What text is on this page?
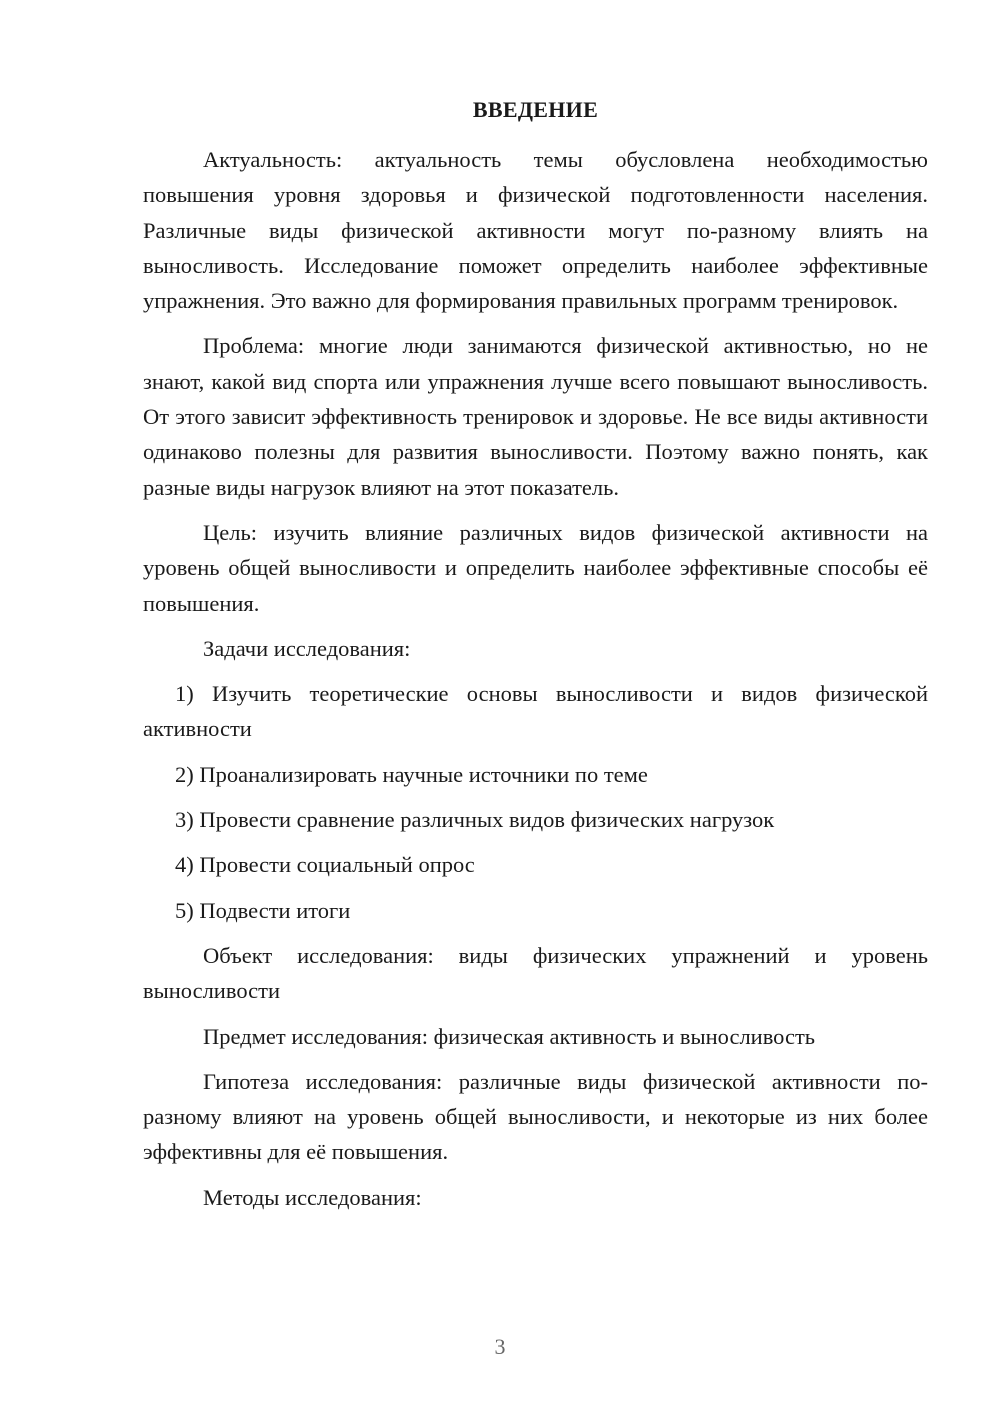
ВВЕДЕНИЕ

Актуальность: актуальность темы обусловлена необходимостью повышения уровня здоровья и физической подготовленности населения. Различные виды физической активности могут по-разному влиять на выносливость. Исследование поможет определить наиболее эффективные упражнения. Это важно для формирования правильных программ тренировок.

Проблема: многие люди занимаются физической активностью, но не знают, какой вид спорта или упражнения лучше всего повышают выносливость. От этого зависит эффективность тренировок и здоровье. Не все виды активности одинаково полезны для развития выносливости. Поэтому важно понять, как разные виды нагрузок влияют на этот показатель.

Цель: изучить влияние различных видов физической активности на уровень общей выносливости и определить наиболее эффективные способы её повышения.

Задачи исследования:

1) Изучить теоретические основы выносливости и видов физической активности

2) Проанализировать научные источники по теме

3) Провести сравнение различных видов физических нагрузок

4) Провести социальный опрос

5) Подвести итоги

Объект исследования: виды физических упражнений и уровень выносливости

Предмет исследования: физическая активность и выносливость

Гипотеза исследования: различные виды физической активности по-разному влияют на уровень общей выносливости, и некоторые из них более эффективны для её повышения.

Методы исследования:

3
